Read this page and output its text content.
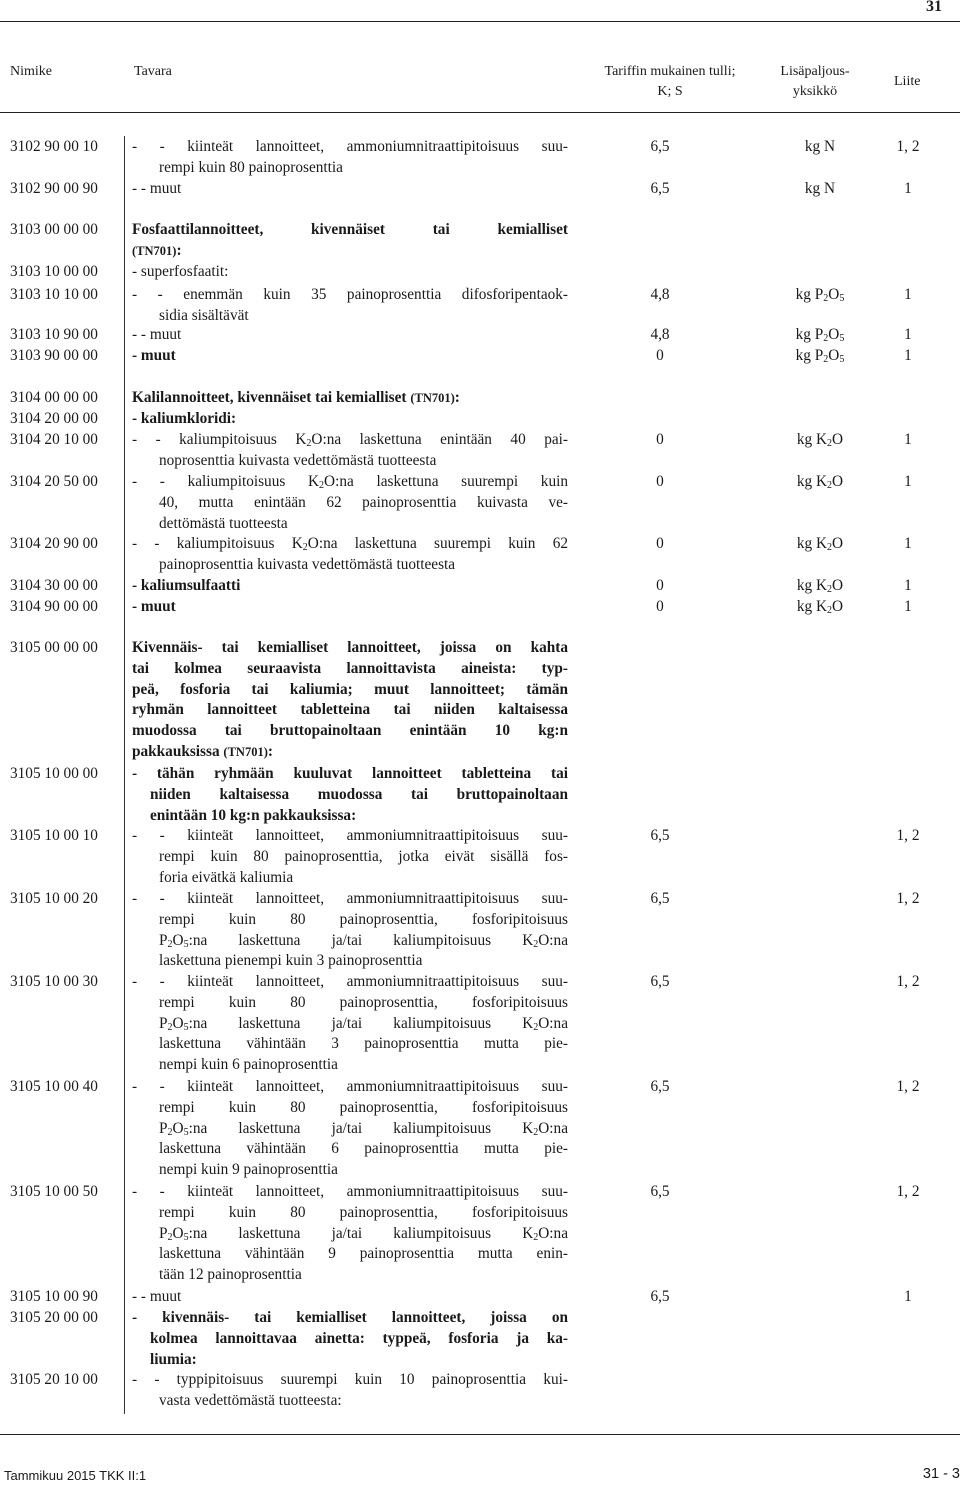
31
Nimike	Tavara	Tariffin mukainen tulli;
K; S
Lisäpaljous-
yksikkö
Liite
3102 90 00 10 - - kiinteät lannoitteet, ammoniumnitraattipitoisuus suu-
rempi kuin 80 painoprosenttia
6,5	kg N	1, 2
3102 90 00 90 - - muut	6,5	kg N	1
3103 00 00 00 Fosfaattilannoitteet, kivennäiset tai kemialliset
(TN701):
3103 10 00 00 - superfosfaatit:
3103 10 10 00 - - enemmän kuin 35 painoprosenttia difosforipentaok-
sidia sisältävät
4,8	kg $P_2O_5$	1
3103 10 90 00 - - muut	4,8	kg $P_2O_5$	1
3103 90 00 00 - muut	0	kg $P_2O_5$	1
3104 00 00 00 Kalilannoitteet, kivennäiset tai kemialliset (TN701):
3104 20 00 00 - kaliumkloridi:
3104 20 10 00 - - kaliumpitoisuus $K_2O:na$ laskettuna enintään 40 pai-
noprosenttia kuivasta vedettömästä tuotteesta
0	kg $K_2O$	1
3104 20 50 00 - - kaliumpitoisuus $K_2O:na$ laskettuna suurempi kuin
40, mutta enintään 62 painoprosenttia kuivasta ve-
dettömästä tuotteesta
0	kg $K_2O$	1
3104 20 90 00 - - kaliumpitoisuus $K_2O:na$ laskettuna suurempi kuin 62
painoprosenttia kuivasta vedettömästä tuotteesta
0	kg $K_2O$	1
3104 30 00 00 - kaliumsulfaatti	0	kg $K_2O$	1
3104 90 00 00 - muut	0	kg $K_2O$	1
3105 00 00 00 Kivennäis- tai kemialliset lannoitteet, joissa on kahta
tai kolmea seuraavista lannoittavista aineista: typ-
peä, fosforia tai kaliumia; muut lannoitteet; tämän
ryhmän lannoitteet tabletteina tai niiden kaltaisessa
muodossa tai bruttopainoltaan enintään 10 kg:n
pakkauksissa (TN701):
3105 10 00 00 - tähän ryhmään kuuluvat lannoitteet tabletteina tai
niiden kaltaisessa muodossa tai bruttopainoltaan
enintään 10 kg:n pakkauksissa:
3105 10 00 10 - - kiinteät lannoitteet, ammoniumnitraattipitoisuus suu-
rempi kuin 80 painoprosenttia, jotka eivät sisällä fos-
foria eivätkä kaliumia
6,5	1, 2
3105 10 00 20 - - kiinteät lannoitteet, ammoniumnitraattipitoisuus suu-
rempi kuin 80 painoprosenttia, fosforipitoisuus
$P_2O_5:na$ laskettuna ja/tai kaliumpitoisuus $K_2O:na$
laskettuna pienempi kuin 3 painoprosenttia
6,5	1, 2
3105 10 00 30 - - kiinteät lannoitteet, ammoniumnitraattipitoisuus suu-
rempi kuin 80 painoprosenttia, fosforipitoisuus
$P_2O_5:na$ laskettuna ja/tai kaliumpitoisuus $K_2O:na$
laskettuna vähintään 3 painoprosenttia mutta pie-
nempi kuin 6 painoprosenttia
6,5	1, 2
3105 10 00 40 - - kiinteät lannoitteet, ammoniumnitraattipitoisuus suu-
rempi kuin 80 painoprosenttia, fosforipitoisuus
$P_2O_5:na$ laskettuna ja/tai kaliumpitoisuus $K_2O:na$
laskettuna vähintään 6 painoprosenttia mutta pie-
nempi kuin 9 painoprosenttia
6,5	1, 2
3105 10 00 50 - - kiinteät lannoitteet, ammoniumnitraattipitoisuus suu-
rempi kuin 80 painoprosenttia, fosforipitoisuus
$P_2O_5:na$ laskettuna ja/tai kaliumpitoisuus $K_2O:na$
laskettuna vähintään 9 painoprosenttia mutta enin-
tään 12 painoprosenttia
6,5	1, 2
3105 10 00 90 - - muut	6,5	1
3105 20 00 00 - kivennäis- tai kemialliset lannoitteet, joissa on
kolmea lannoittavaa ainetta: typpeä, fosforia ja ka-
liumia:
3105 20 10 00 - - typpipitoisuus suurempi kuin 10 painoprosenttia kui-
vasta vedettömästä tuotteesta:
Tammikuu 2015 TKK II:1	31 - 3
